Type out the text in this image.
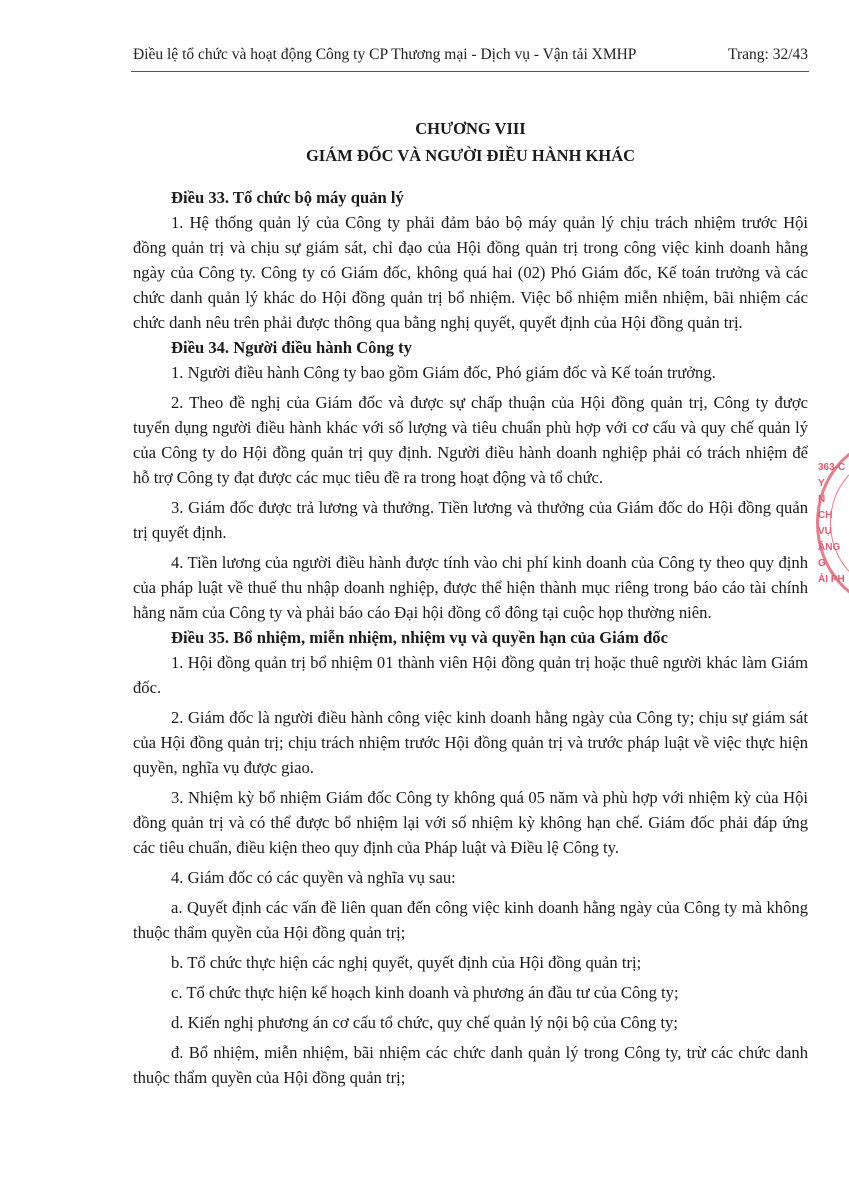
Điều lệ tổ chức và hoạt động Công ty CP Thương mại - Dịch vụ - Vận tải XMHP	Trang: 32/43
CHƯƠNG VIII
GIÁM ĐỐC VÀ NGƯỜI ĐIỀU HÀNH KHÁC

Điều 33. Tổ chức bộ máy quản lý

1. Hệ thống quản lý của Công ty phải đảm bảo bộ máy quản lý chịu trách nhiệm trước Hội đồng quản trị và chịu sự giám sát, chỉ đạo của Hội đồng quản trị trong công việc kinh doanh hằng ngày của Công ty. Công ty có Giám đốc, không quá hai (02) Phó Giám đốc, Kế toán trưởng và các chức danh quản lý khác do Hội đồng quản trị bổ nhiệm. Việc bổ nhiệm miễn nhiệm, bãi nhiệm các chức danh nêu trên phải được thông qua bằng nghị quyết, quyết định của Hội đồng quản trị.

Điều 34. Người điều hành Công ty

1. Người điều hành Công ty bao gồm Giám đốc, Phó giám đốc và Kế toán trưởng.

2. Theo đề nghị của Giám đốc và được sự chấp thuận của Hội đồng quản trị, Công ty được tuyển dụng người điều hành khác với số lượng và tiêu chuẩn phù hợp với cơ cấu và quy chế quản lý của Công ty do Hội đồng quản trị quy định. Người điều hành doanh nghiệp phải có trách nhiệm để hỗ trợ Công ty đạt được các mục tiêu đề ra trong hoạt động và tổ chức.

3. Giám đốc được trả lương và thưởng. Tiền lương và thưởng của Giám đốc do Hội đồng quản trị quyết định.

4. Tiền lương của người điều hành được tính vào chi phí kinh doanh của Công ty theo quy định của pháp luật về thuế thu nhập doanh nghiệp, được thể hiện thành mục riêng trong báo cáo tài chính hằng năm của Công ty và phải báo cáo Đại hội đồng cổ đông tại cuộc họp thường niên.

Điều 35. Bổ nhiệm, miễn nhiệm, nhiệm vụ và quyền hạn của Giám đốc

1. Hội đồng quản trị bổ nhiệm 01 thành viên Hội đồng quản trị hoặc thuê người khác làm Giám đốc.

2. Giám đốc là người điều hành công việc kinh doanh hằng ngày của Công ty; chịu sự giám sát của Hội đồng quản trị; chịu trách nhiệm trước Hội đồng quản trị và trước pháp luật về việc thực hiện quyền, nghĩa vụ được giao.

3. Nhiệm kỳ bổ nhiệm Giám đốc Công ty không quá 05 năm và phù hợp với nhiệm kỳ của Hội đồng quản trị và có thể được bổ nhiệm lại với số nhiệm kỳ không hạn chế. Giám đốc phải đáp ứng các tiêu chuẩn, điều kiện theo quy định của Pháp luật và Điều lệ Công ty.

4. Giám đốc có các quyền và nghĩa vụ sau:

a. Quyết định các vấn đề liên quan đến công việc kinh doanh hằng ngày của Công ty mà không thuộc thẩm quyền của Hội đồng quản trị;

b. Tổ chức thực hiện các nghị quyết, quyết định của Hội đồng quản trị;

c. Tổ chức thực hiện kế hoạch kinh doanh và phương án đầu tư của Công ty;

d. Kiến nghị phương án cơ cấu tổ chức, quy chế quản lý nội bộ của Công ty;

đ. Bổ nhiệm, miễn nhiệm, bãi nhiệm các chức danh quản lý trong Công ty, trừ các chức danh thuộc thẩm quyền của Hội đồng quản trị;

363-C
Y
N
CH VỤ
ẢNG
G
ẢI PH
